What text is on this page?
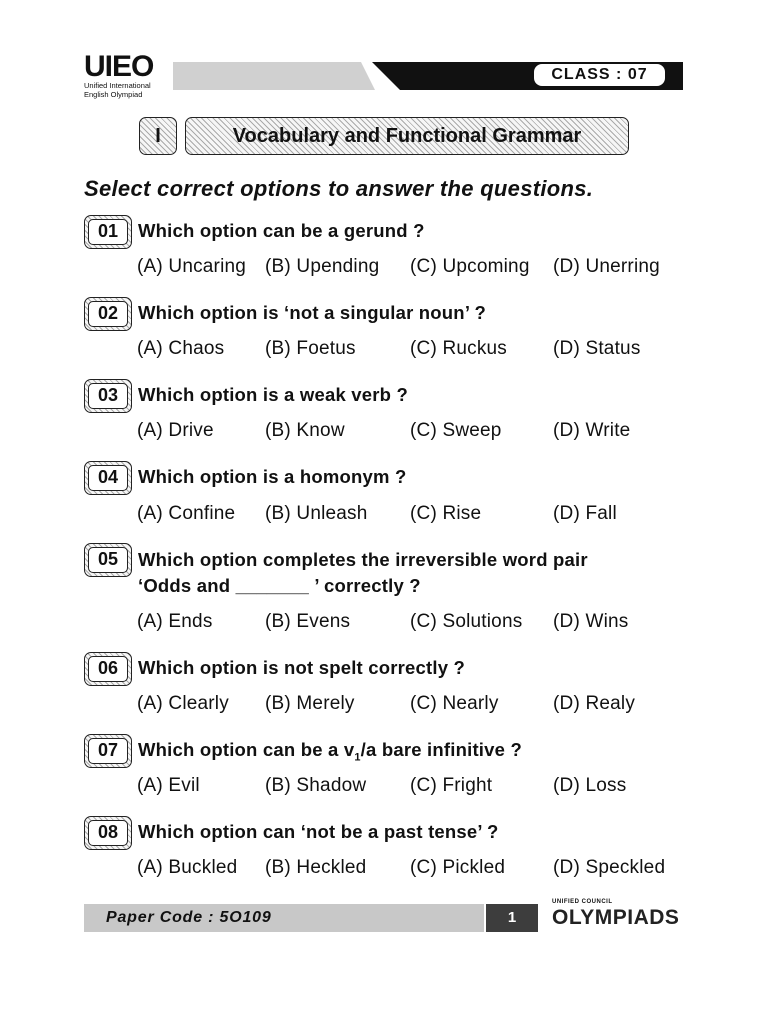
UIEO
Unified International
English Olympiad
CLASS : 07
I	Vocabulary and Functional Grammar
Select correct options to answer the questions.
01	Which option can be a gerund ?
(A) Uncaring (B) Upending (C) Upcoming (D) Unerring
02	Which option is ‘not a singular noun’ ?
(A) Chaos (B) Foetus	(C) Ruckus (D) Status
03	Which option is a weak verb ?
(A) Drive	(B) Know	(C) Sweep	(D) Write
04	Which option is a homonym ?
(A) Confine (B) Unleash (C) Rise	(D) Fall
05	Which option completes the irreversible word pair
‘Odds and _______ ’ correctly ?
(A) Ends	(B) Evens	(C) Solutions (D) Wins
06	Which option is not spelt correctly ?
(A) Clearly (B) Merely	(C) Nearly	(D) Realy
07	Which option can be a $v_1/a$ bare infinitive ?
(A) Evil	(B) Shadow (C) Fright	(D) Loss
08	Which option can ‘not be a past tense’ ?
(A) Buckled (B) Heckled (C) Pickled	(D) Speckled
Paper Code : 5O109	1
UNIFIED COUNCIL
OLYMPIADS
